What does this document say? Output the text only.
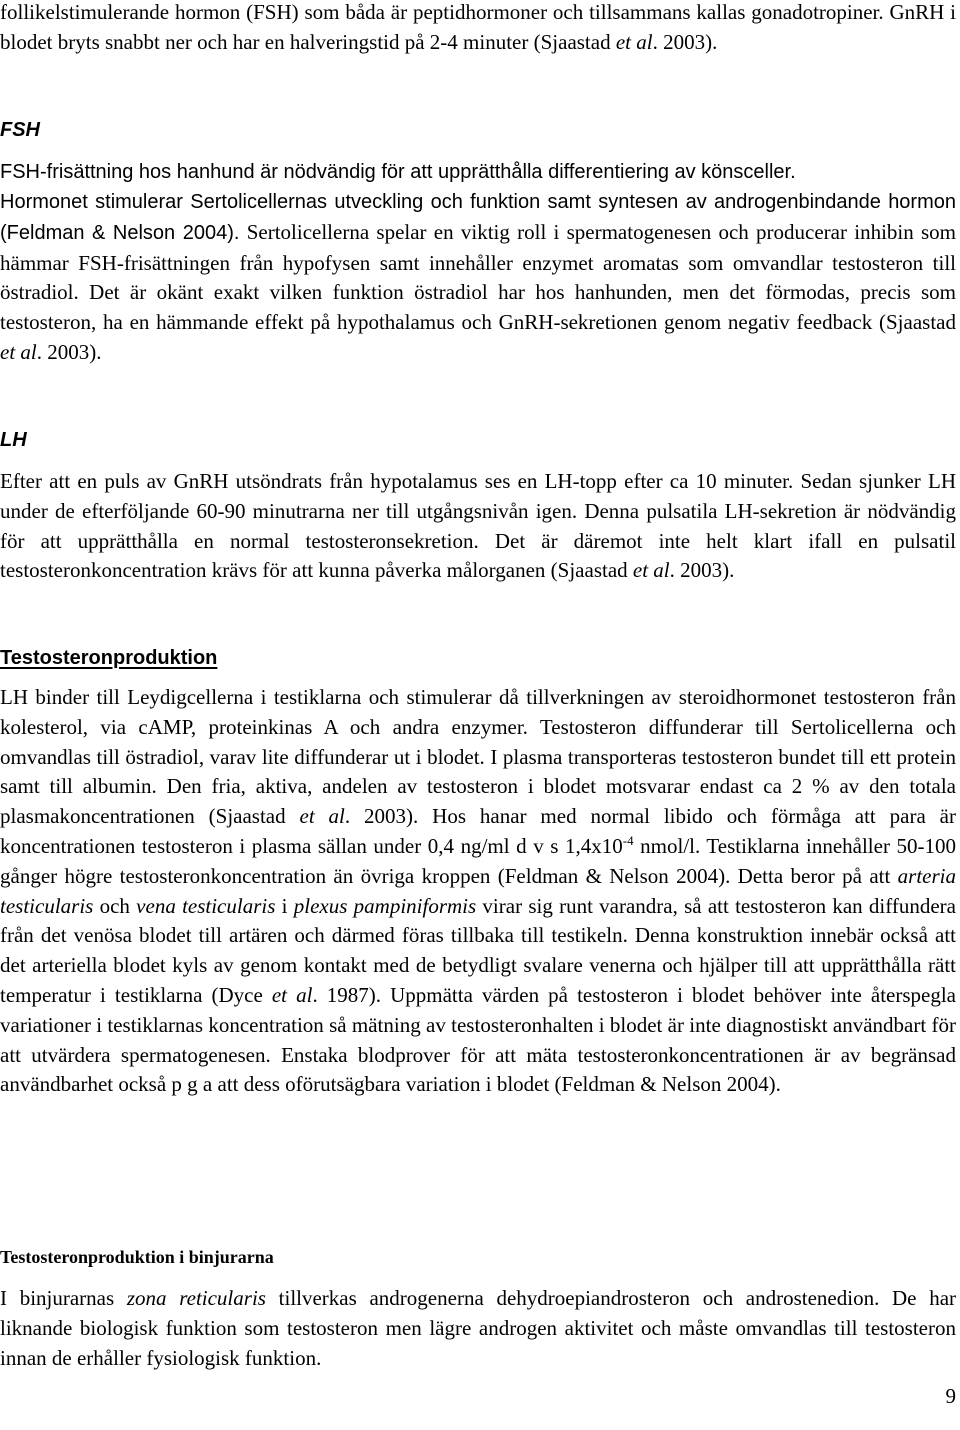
follikelstimulerande hormon (FSH) som båda är peptidhormoner och tillsammans kallas gonadotropiner. GnRH i blodet bryts snabbt ner och har en halveringstid på 2-4 minuter (Sjaastad et al. 2003).

FSH

FSH-frisättning hos hanhund är nödvändig för att upprätthålla differentiering av könsceller.

Hormonet stimulerar Sertolicellernas utveckling och funktion samt syntesen av androgenbindande hormon (Feldman & Nelson 2004). Sertolicellerna spelar en viktig roll i spermatogenesen och producerar inhibin som hämmar FSH-frisättningen från hypofysen samt innehåller enzymet aromatas som omvandlar testosteron till östradiol. Det är okänt exakt vilken funktion östradiol har hos hanhunden, men det förmodas, precis som testosteron, ha en hämmande effekt på hypothalamus och GnRH-sekretionen genom negativ feedback (Sjaastad et al. 2003).

LH

Efter att en puls av GnRH utsöndrats från hypotalamus ses en LH-topp efter ca 10 minuter. Sedan sjunker LH under de efterföljande 60-90 minutrarna ner till utgångsnivån igen. Denna pulsatila LH-sekretion är nödvändig för att upprätthålla en normal testosteronsekretion. Det är däremot inte helt klart ifall en pulsatil testosteronkoncentration krävs för att kunna påverka målorganen (Sjaastad et al. 2003).

Testosteronproduktion

LH binder till Leydigcellerna i testiklarna och stimulerar då tillverkningen av steroidhormonet testosteron från kolesterol, via cAMP, proteinkinas A och andra enzymer. Testosteron diffunderar till Sertolicellerna och omvandlas till östradiol, varav lite diffunderar ut i blodet. I plasma transporteras testosteron bundet till ett protein samt till albumin. Den fria, aktiva, andelen av testosteron i blodet motsvarar endast ca 2 % av den totala plasmakoncentrationen (Sjaastad et al. 2003). Hos hanar med normal libido och förmåga att para är koncentrationen testosteron i plasma sällan under 0,4 ng/ml d v s $1,4x10^{-4}$ nmol/l. Testiklarna innehåller 50-100 gånger högre testosteronkoncentration än övriga kroppen (Feldman & Nelson 2004). Detta beror på att arteria testicularis och vena testicularis i plexus pampiniformis virar sig runt varandra, så att testosteron kan diffundera från det venösa blodet till artären och därmed föras tillbaka till testikeln. Denna konstruktion innebär också att det arteriella blodet kyls av genom kontakt med de betydligt svalare venerna och hjälper till att upprätthålla rätt temperatur i testiklarna (Dyce et al. 1987). Uppmätta värden på testosteron i blodet behöver inte återspegla variationer i testiklarnas koncentration så mätning av testosteronhalten i blodet är inte diagnostiskt användbart för att utvärdera spermatogenesen. Enstaka blodprover för att mäta testosteronkoncentrationen är av begränsad användbarhet också p g a att dess oförutsägbara variation i blodet (Feldman & Nelson 2004).

Testosteronproduktion i binjurarna

I binjurarnas zona reticularis tillverkas androgenerna dehydroepiandrosteron och androstenedion. De har liknande biologisk funktion som testosteron men lägre androgen aktivitet och måste omvandlas till testosteron innan de erhåller fysiologisk funktion.

9
